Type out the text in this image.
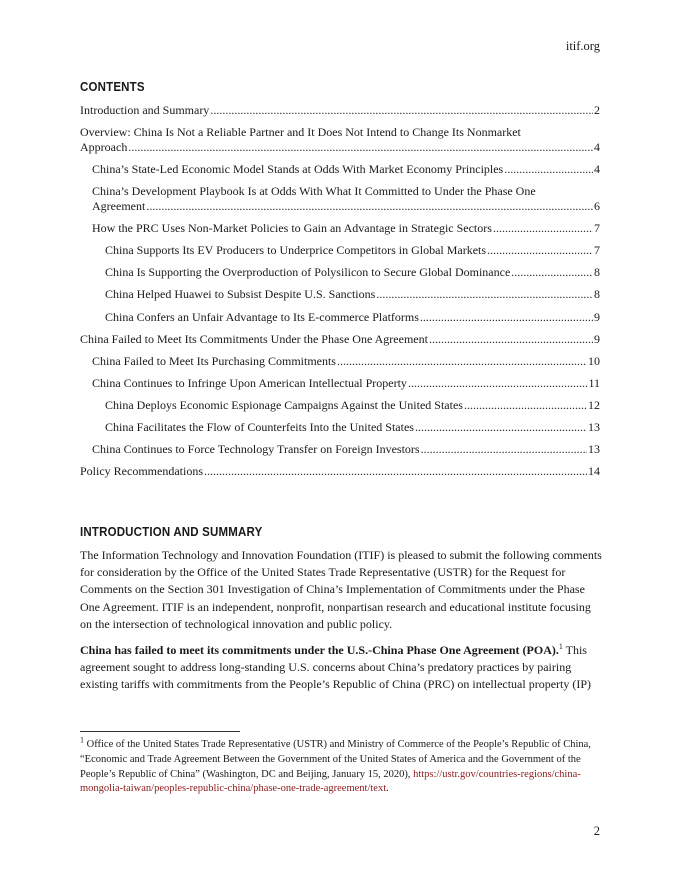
itif.org
CONTENTS
Introduction and Summary .....	2
Overview: China Is Not a Reliable Partner and It Does Not Intend to Change Its Nonmarket
Approach .....	4
China’s State-Led Economic Model Stands at Odds With Market Economy Principles .....	4
China’s Development Playbook Is at Odds With What It Committed to Under the Phase One
Agreement .....	6
How the PRC Uses Non-Market Policies to Gain an Advantage in Strategic Sectors .....	7
China Supports Its EV Producers to Underprice Competitors in Global Markets .....	7
China Is Supporting the Overproduction of Polysilicon to Secure Global Dominance .....	8
China Helped Huawei to Subsist Despite U.S. Sanctions .....	8
China Confers an Unfair Advantage to Its E-commerce Platforms .....	9
China Failed to Meet Its Commitments Under the Phase One Agreement .....	9
China Failed to Meet Its Purchasing Commitments .....	10
China Continues to Infringe Upon American Intellectual Property .....	11
China Deploys Economic Espionage Campaigns Against the United States .....	12
China Facilitates the Flow of Counterfeits Into the United States .....	13
China Continues to Force Technology Transfer on Foreign Investors .....	13
Policy Recommendations .....	14
INTRODUCTION AND SUMMARY

The Information Technology and Innovation Foundation (ITIF) is pleased to submit the following comments for consideration by the Office of the United States Trade Representative (USTR) for the Request for Comments on the Section 301 Investigation of China’s Implementation of Commitments under the Phase One Agreement. ITIF is an independent, nonprofit, nonpartisan research and educational institute focusing on the intersection of technological innovation and public policy.

China has failed to meet its commitments under the U.S.-China Phase One Agreement (POA).$^1$ This agreement sought to address long-standing U.S. concerns about China’s predatory practices by pairing existing tariffs with commitments from the People’s Republic of China (PRC) on intellectual property (IP)

$^1$ Office of the United States Trade Representative (USTR) and Ministry of Commerce of the People’s Republic of China, “Economic and Trade Agreement Between the Government of the United States of America and the Government of the People’s Republic of China” (Washington, DC and Beijing, January 15, 2020), https://ustr.gov/countries-regions/china-mongolia-taiwan/peoples-republic-china/phase-one-trade-agreement/text.

2
